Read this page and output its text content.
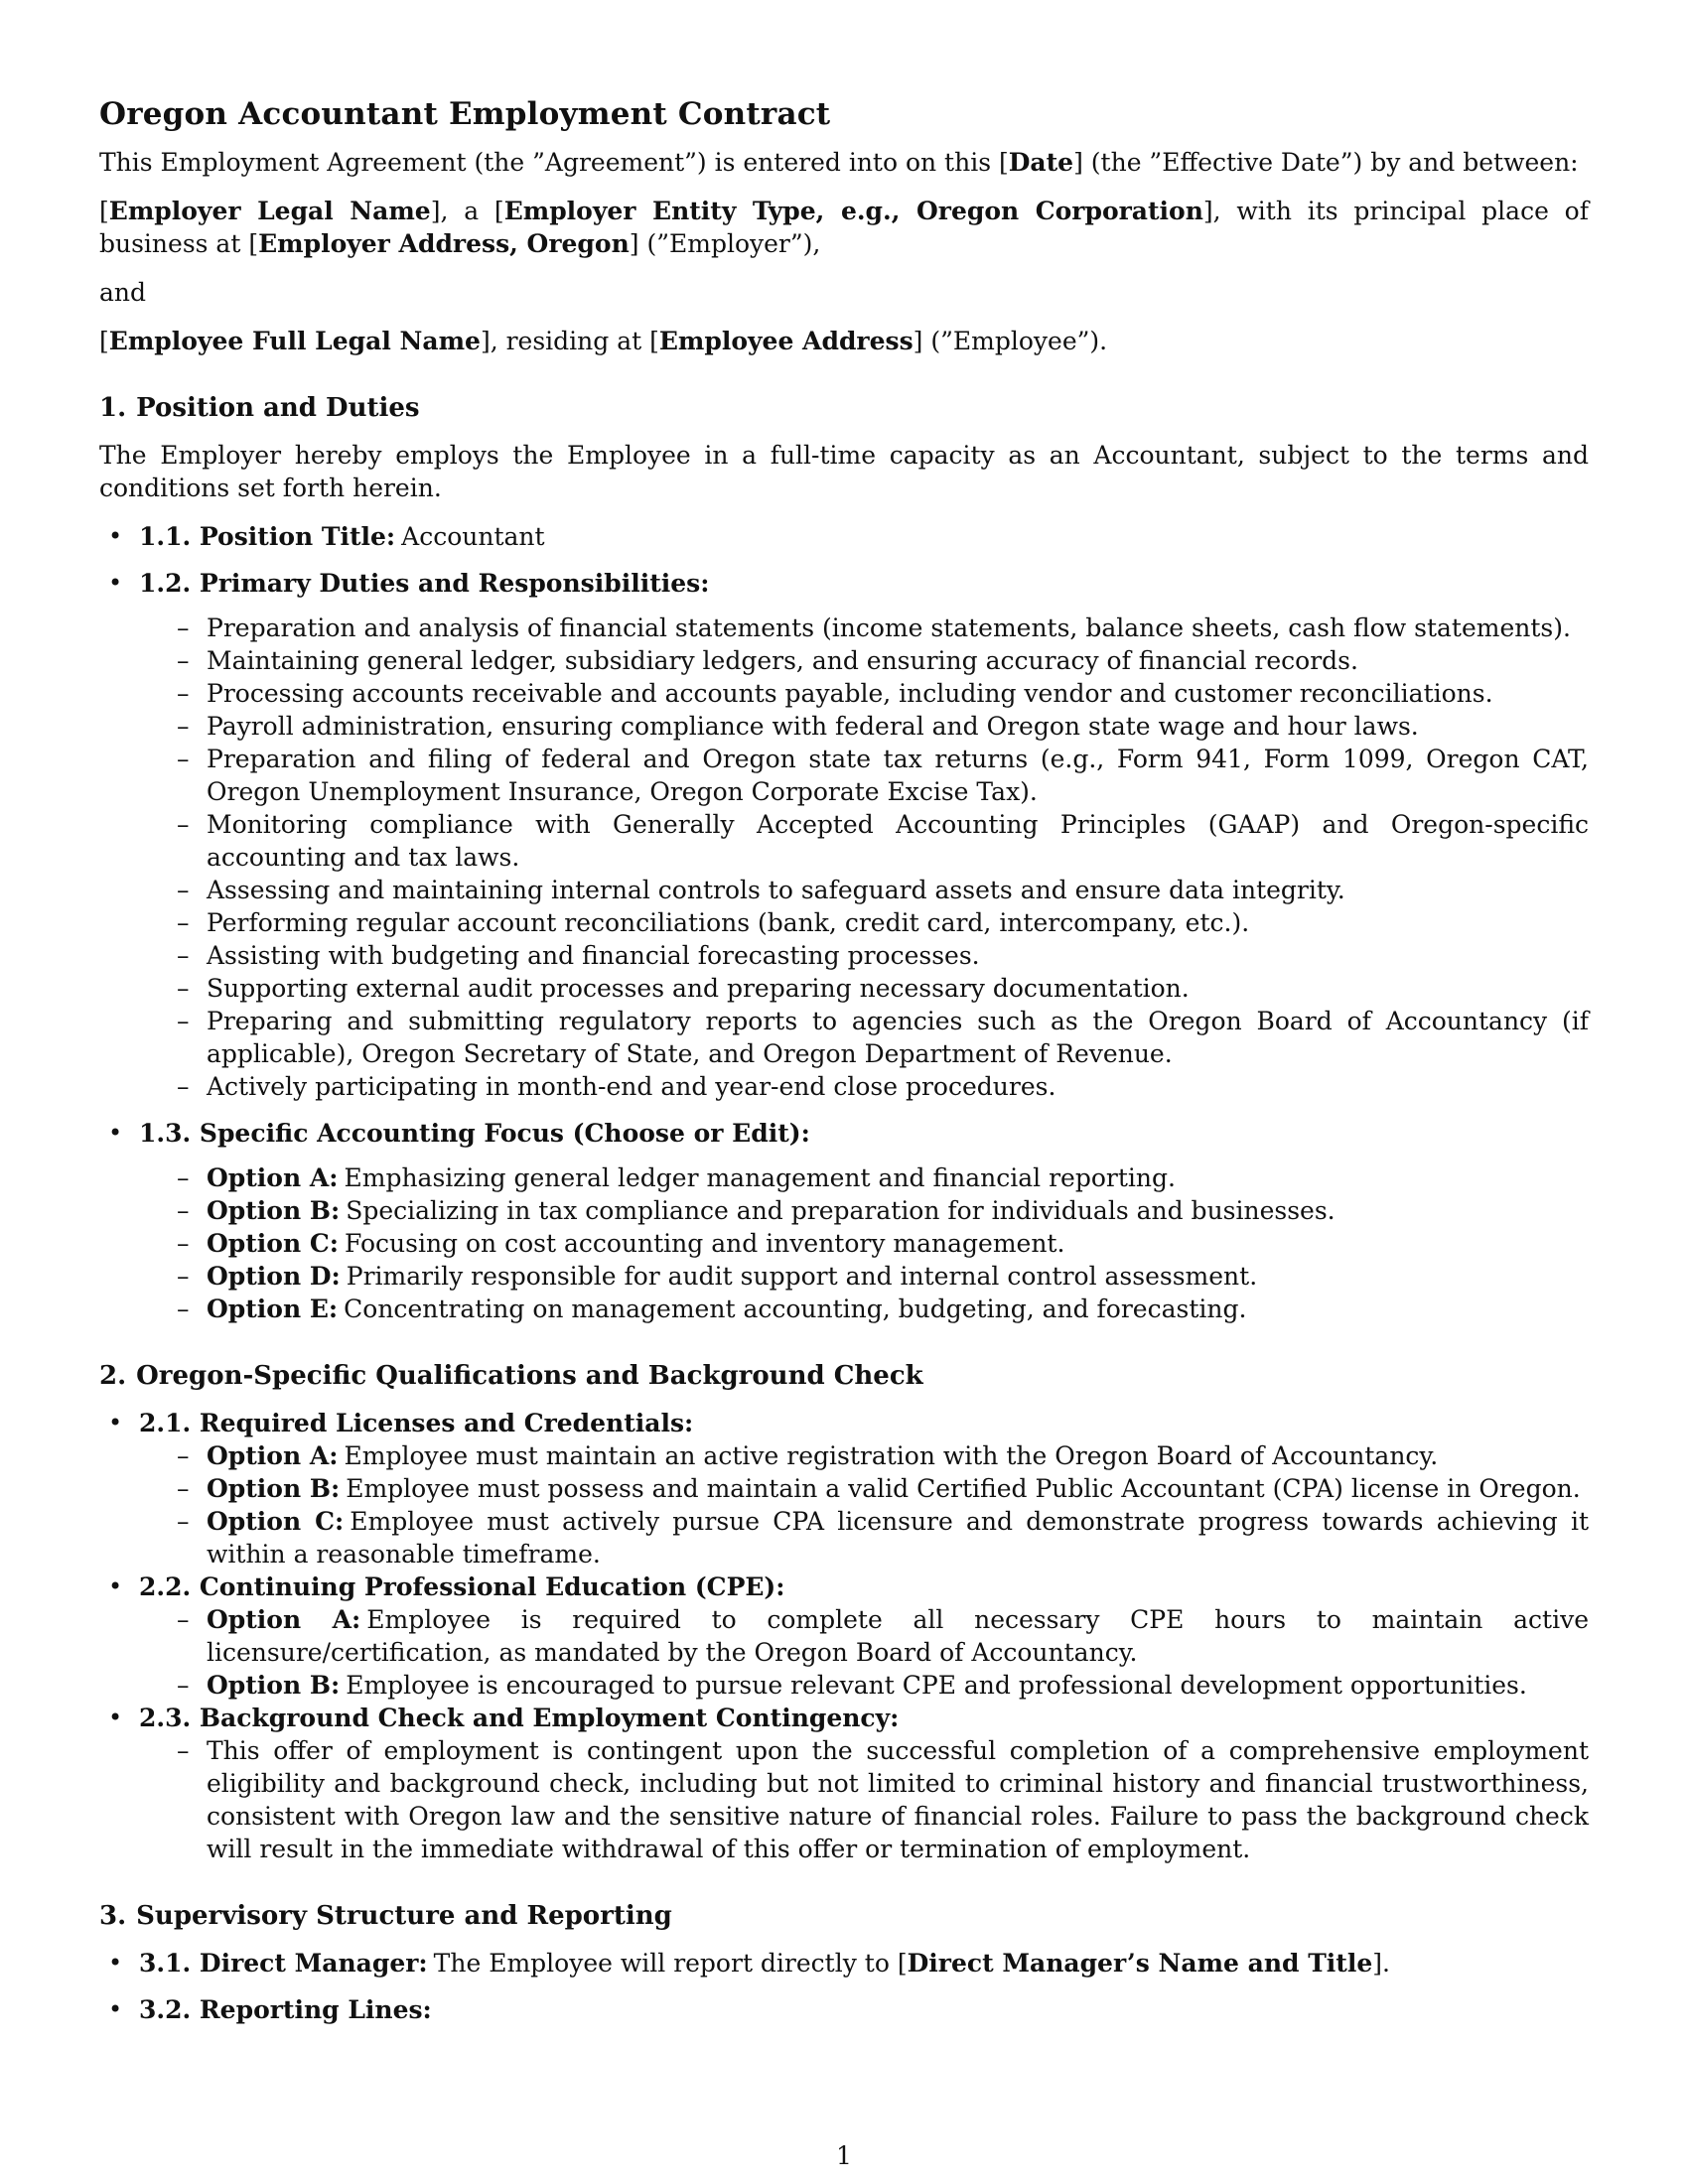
Oregon Accountant Employment Contract

This Employment Agreement (the ”Agreement”) is entered into on this [Date] (the ”Effective Date”) by and between:

[Employer Legal Name], a [Employer Entity Type, e.g., Oregon Corporation], with its principal place of business at [Employer Address, Oregon] (”Employer”),

and

[Employee Full Legal Name], residing at [Employee Address] (”Employee”).

1. Position and Duties

The Employer hereby employs the Employee in a full-time capacity as an Accountant, subject to the terms and conditions set forth herein.

• 1.1. Position Title: Accountant
• 1.2. Primary Duties and Responsibilities:
– Preparation and analysis of financial statements (income statements, balance sheets, cash flow statements).
– Maintaining general ledger, subsidiary ledgers, and ensuring accuracy of financial records.
– Processing accounts receivable and accounts payable, including vendor and customer reconciliations.
– Payroll administration, ensuring compliance with federal and Oregon state wage and hour laws.
– Preparation and filing of federal and Oregon state tax returns (e.g., Form 941, Form 1099, Oregon CAT, Oregon Unemployment Insurance, Oregon Corporate Excise Tax).
– Monitoring compliance with Generally Accepted Accounting Principles (GAAP) and Oregon-specific accounting and tax laws.
– Assessing and maintaining internal controls to safeguard assets and ensure data integrity.
– Performing regular account reconciliations (bank, credit card, intercompany, etc.).
– Assisting with budgeting and financial forecasting processes.
– Supporting external audit processes and preparing necessary documentation.
– Preparing and submitting regulatory reports to agencies such as the Oregon Board of Accountancy (if applicable), Oregon Secretary of State, and Oregon Department of Revenue.
– Actively participating in month-end and year-end close procedures.
• 1.3. Specific Accounting Focus (Choose or Edit):
– Option A: Emphasizing general ledger management and financial reporting.
– Option B: Specializing in tax compliance and preparation for individuals and businesses.
– Option C: Focusing on cost accounting and inventory management.
– Option D: Primarily responsible for audit support and internal control assessment.
– Option E: Concentrating on management accounting, budgeting, and forecasting.
2. Oregon-Specific Qualifications and Background Check
• 2.1. Required Licenses and Credentials:
– Option A: Employee must maintain an active registration with the Oregon Board of Accountancy.
– Option B: Employee must possess and maintain a valid Certified Public Accountant (CPA) license in Oregon.
– Option C: Employee must actively pursue CPA licensure and demonstrate progress towards achieving it within a reasonable timeframe.
• 2.2. Continuing Professional Education (CPE):
– Option A: Employee is required to complete all necessary CPE hours to maintain active licensure/certification, as mandated by the Oregon Board of Accountancy.
– Option B: Employee is encouraged to pursue relevant CPE and professional development opportunities.
• 2.3. Background Check and Employment Contingency:
– This offer of employment is contingent upon the successful completion of a comprehensive employment eligibility and background check, including but not limited to criminal history and financial trustworthiness, consistent with Oregon law and the sensitive nature of financial roles. Failure to pass the background check will result in the immediate withdrawal of this offer or termination of employment.
3. Supervisory Structure and Reporting
• 3.1. Direct Manager: The Employee will report directly to [Direct Manager’s Name and Title].
• 3.2. Reporting Lines:
1
